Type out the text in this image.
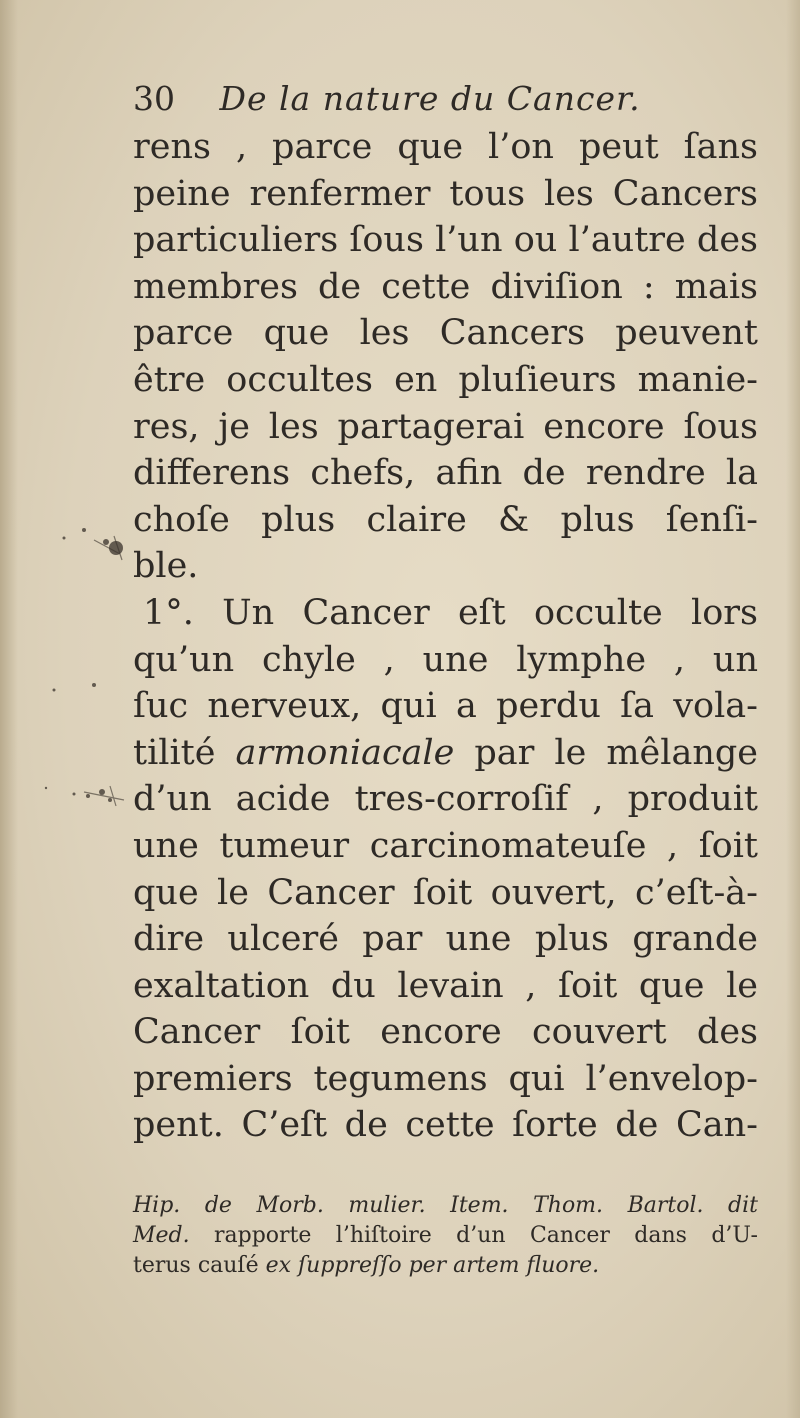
30 De la nature du Cancer.
rens , parce que l’on peut ſans
peine renfermer tous les Cancers
particuliers ſous l’un ou l’autre des
membres de cette diviſion : mais
parce que les Cancers peuvent
être occultes en pluſieurs manie-
res, je les partagerai encore ſous
differens chefs, afin de rendre la
choſe plus claire & plus ſenſi-
ble.
1°. Un Cancer eſt occulte lors
qu’un chyle , une lymphe , un
ſuc nerveux, qui a perdu ſa vola-
tilité armoniacale par le mêlange
d’un acide tres-corroſif , produit
une tumeur carcinomateuſe , ſoit
que le Cancer ſoit ouvert, c’eſt-à-
dire ulceré par une plus grande
exaltation du levain , ſoit que le
Cancer ſoit encore couvert des
premiers tegumens qui l’envelop-
pent. C’eſt de cette ſorte de Can-
Hip. de Morb. mulier. Item. Thom. Bartol. dit
Med. rapporte l’hiſtoire d’un Cancer dans d’U-
terus cauſé ex ſuppreſſo per artem fluore.
